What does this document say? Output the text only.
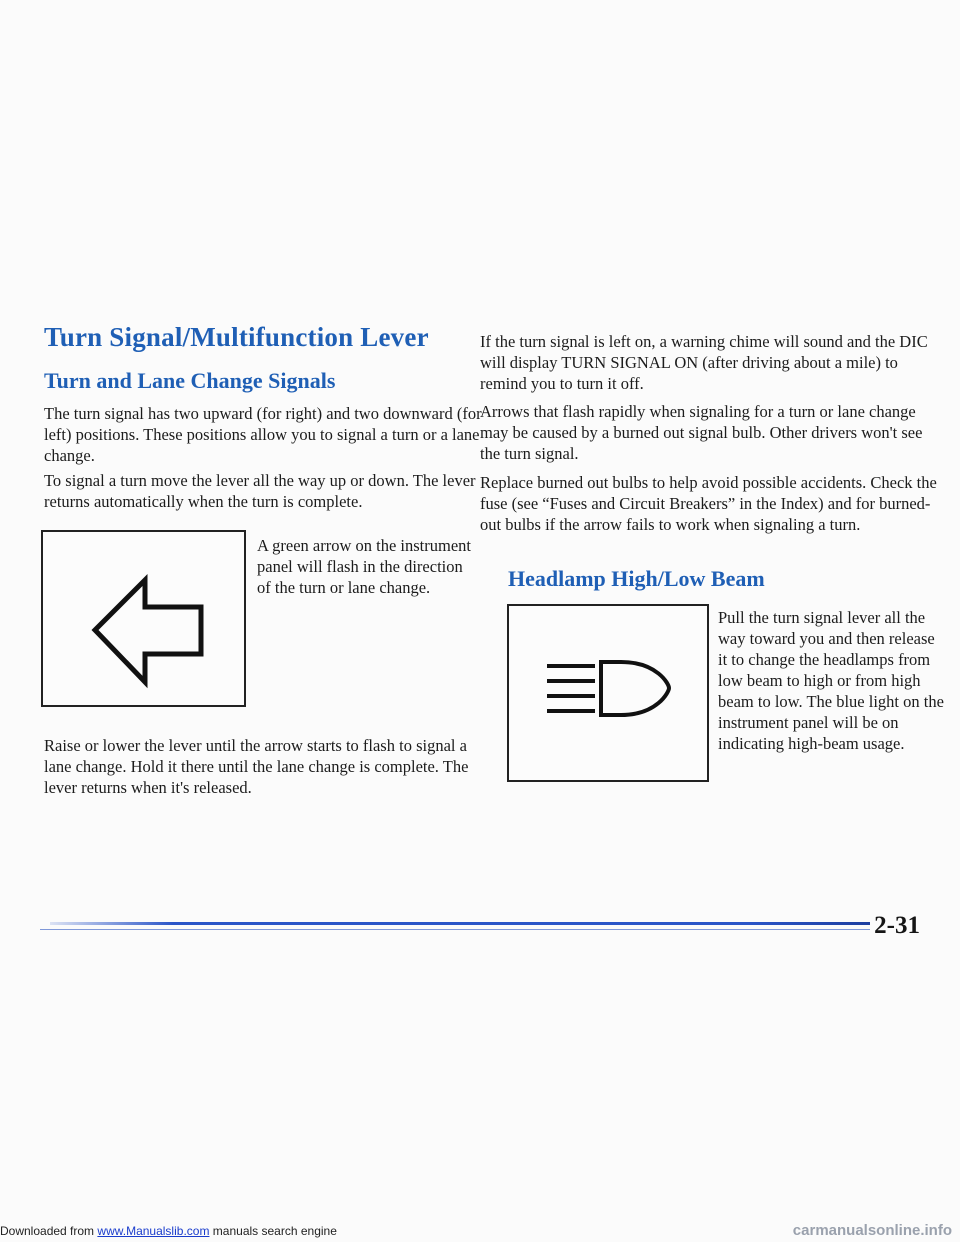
Turn Signal/Multifunction Lever
Turn and Lane Change Signals

The turn signal has two upward (for right) and two downward (for left) positions. These positions allow you to signal a turn or a lane change.

To signal a turn move the lever all the way up or down. The lever returns automatically when the turn is complete.

A green arrow on the instrument panel will flash in the direction of the turn or lane change.

Raise or lower the lever until the arrow starts to flash to signal a lane change. Hold it there until the lane change is complete. The lever returns when it's released.

If the turn signal is left on, a warning chime will sound and the DIC will display TURN SIGNAL ON (after driving about a mile) to remind you to turn it off.

Arrows that flash rapidly when signaling for a turn or lane change may be caused by a burned out signal bulb. Other drivers won't see the turn signal.

Replace burned out bulbs to help avoid possible accidents. Check the fuse (see “Fuses and Circuit Breakers” in the Index) and for burned-out bulbs if the arrow fails to work when signaling a turn.

Headlamp High/Low Beam

Pull the turn signal lever all the way toward you and then release it to change the headlamps from low beam to high or from high beam to low. The blue light on the instrument panel will be on indicating high-beam usage.

2-31
Downloaded from www.Manualslib.com manuals search engine	carmanualsonline.info
